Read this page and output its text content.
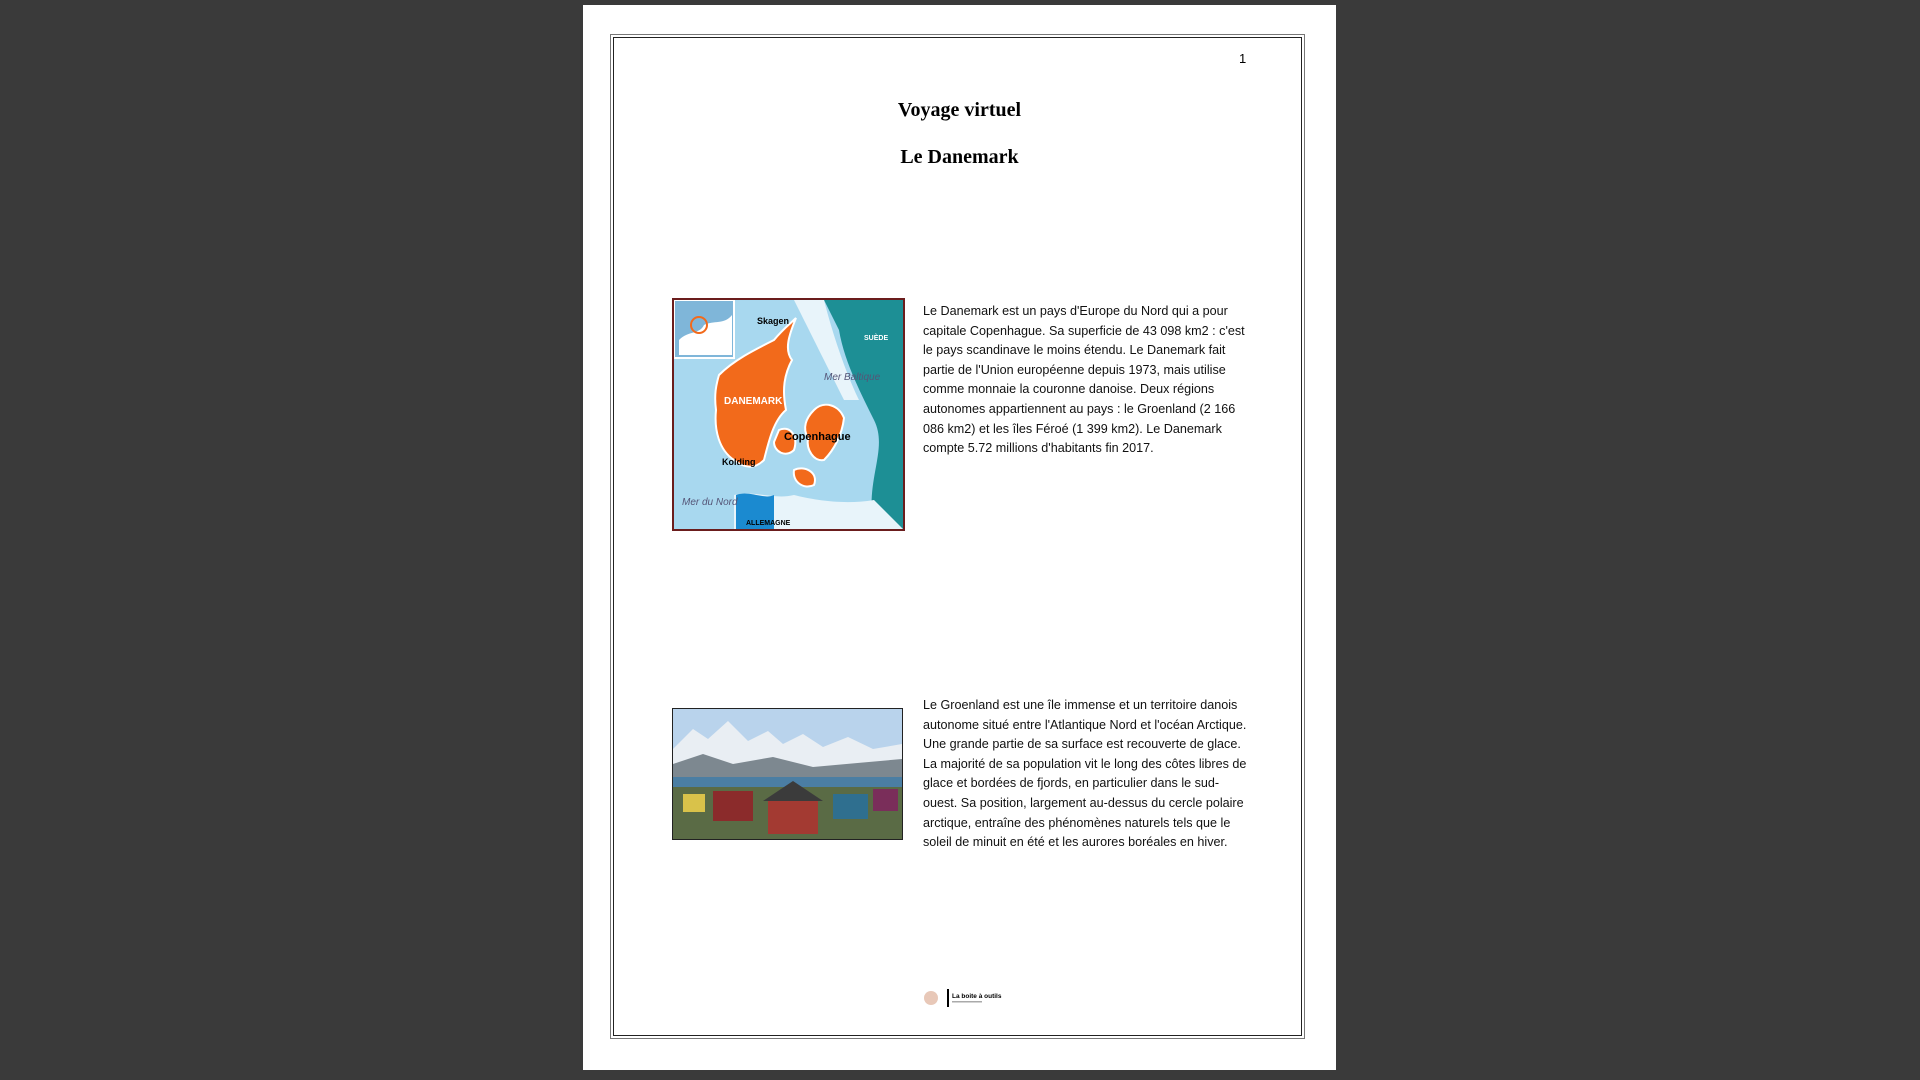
1
Voyage virtuel
Le Danemark
Skagen
SUÈDE
Mer Baltique
DANEMARK
Copenhague
Kolding
Mer du Nord
ALLEMAGNE
Le Danemark est un pays d'Europe du Nord qui a pour capitale Copenhague. Sa superficie de 43 098 km2 : c'est le pays scandinave le moins étendu. Le Danemark fait partie de l'Union européenne depuis 1973, mais utilise comme monnaie la couronne danoise. Deux régions autonomes appartiennent au pays : le Groenland (2 166 086 km2) et les îles Féroé (1 399 km2). Le Danemark compte 5.72 millions d'habitants fin 2017.
Le Groenland est une île immense et un territoire danois autonome situé entre l'Atlantique Nord et l'océan Arctique. Une grande partie de sa surface est recouverte de glace. La majorité de sa population vit le long des côtes libres de glace et bordées de fjords, en particulier dans le sud-ouest. Sa position, largement au-dessus du cercle polaire arctique, entraîne des phénomènes naturels tels que le soleil de minuit en été et les aurores boréales en hiver.
La boite à outils
